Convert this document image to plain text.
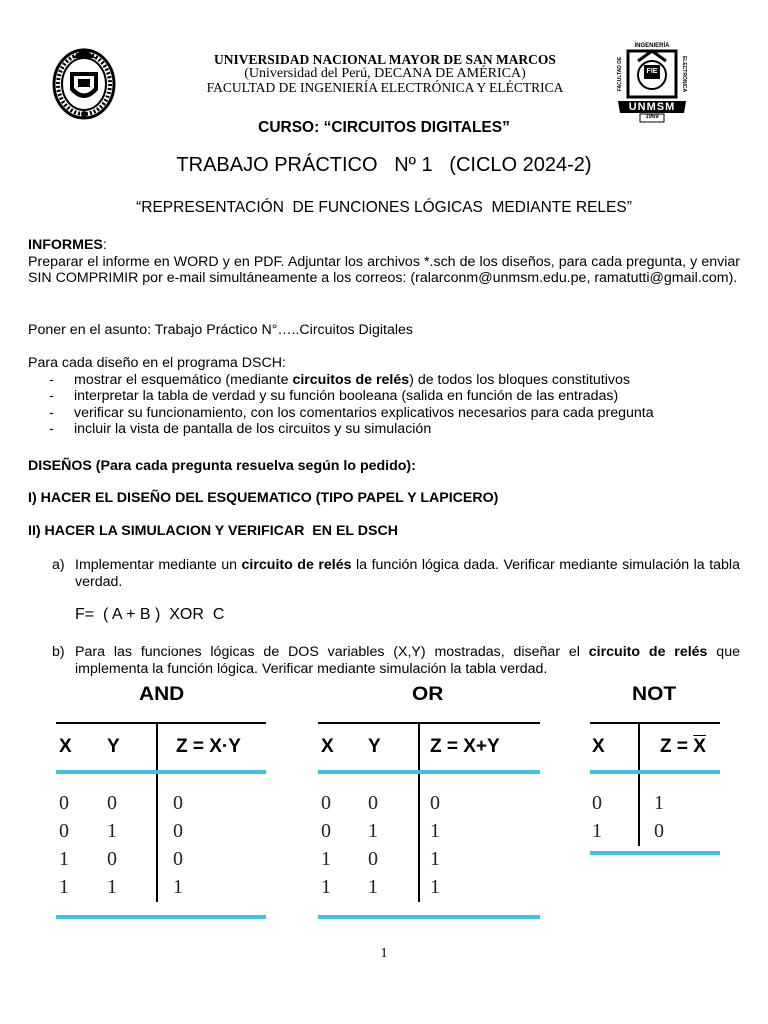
UNIVERSIDAD NACIONAL MAYOR DE SAN MARCOS
(Universidad del Perú, DECANA DE AMÉRICA)
FACULTAD DE INGENIERÍA ELECTRÓNICA Y ELÉCTRICA
INGENIERÍA
FACULTAD DE	ELECTRÓNICA
FIE
UNMSM
1969
CURSO: “CIRCUITOS DIGITALES”
TRABAJO PRÁCTICO   Nº 1   (CICLO 2024-2)
“REPRESENTACIÓN  DE FUNCIONES LÓGICAS  MEDIANTE RELES”
INFORMES:
Preparar el informe en WORD y en PDF. Adjuntar los archivos *.sch de los diseños, para cada pregunta, y enviar SIN COMPRIMIR por e-mail simultáneamente a los correos: (ralarconm@unmsm.edu.pe, ramatutti@gmail.com).
Poner en el asunto: Trabajo Práctico N°…..Circuitos Digitales
Para cada diseño en el programa DSCH:
- mostrar el esquemático (mediante circuitos de relés) de todos los bloques constitutivos
- interpretar la tabla de verdad y su función booleana (salida en función de las entradas)
- verificar su funcionamiento, con los comentarios explicativos necesarios para cada pregunta
- incluir la vista de pantalla de los circuitos y su simulación
DISEÑOS (Para cada pregunta resuelva según lo pedido):
I) HACER EL DISEÑO DEL ESQUEMATICO (TIPO PAPEL Y LAPICERO)
II) HACER LA SIMULACION Y VERIFICAR  EN EL DSCH
a) Implementar mediante un circuito de relés la función lógica dada. Verificar mediante simulación la tabla verdad.
F=  ( A + B )  XOR  C
b) Para las funciones lógicas de DOS variables (X,Y) mostradas, diseñar el circuito de relés que implementa la función lógica. Verificar mediante simulación la tabla verdad.
AND
X Y	Z = X·Y
0 0	0
0 1	0
1 0	0
1 1	1
OR
X Y	Z = X+Y
0 0	0
0 1	1
1 0	1
1 1	1
NOT
X	$Z = \overline{X}$
0	1
1	0
1
